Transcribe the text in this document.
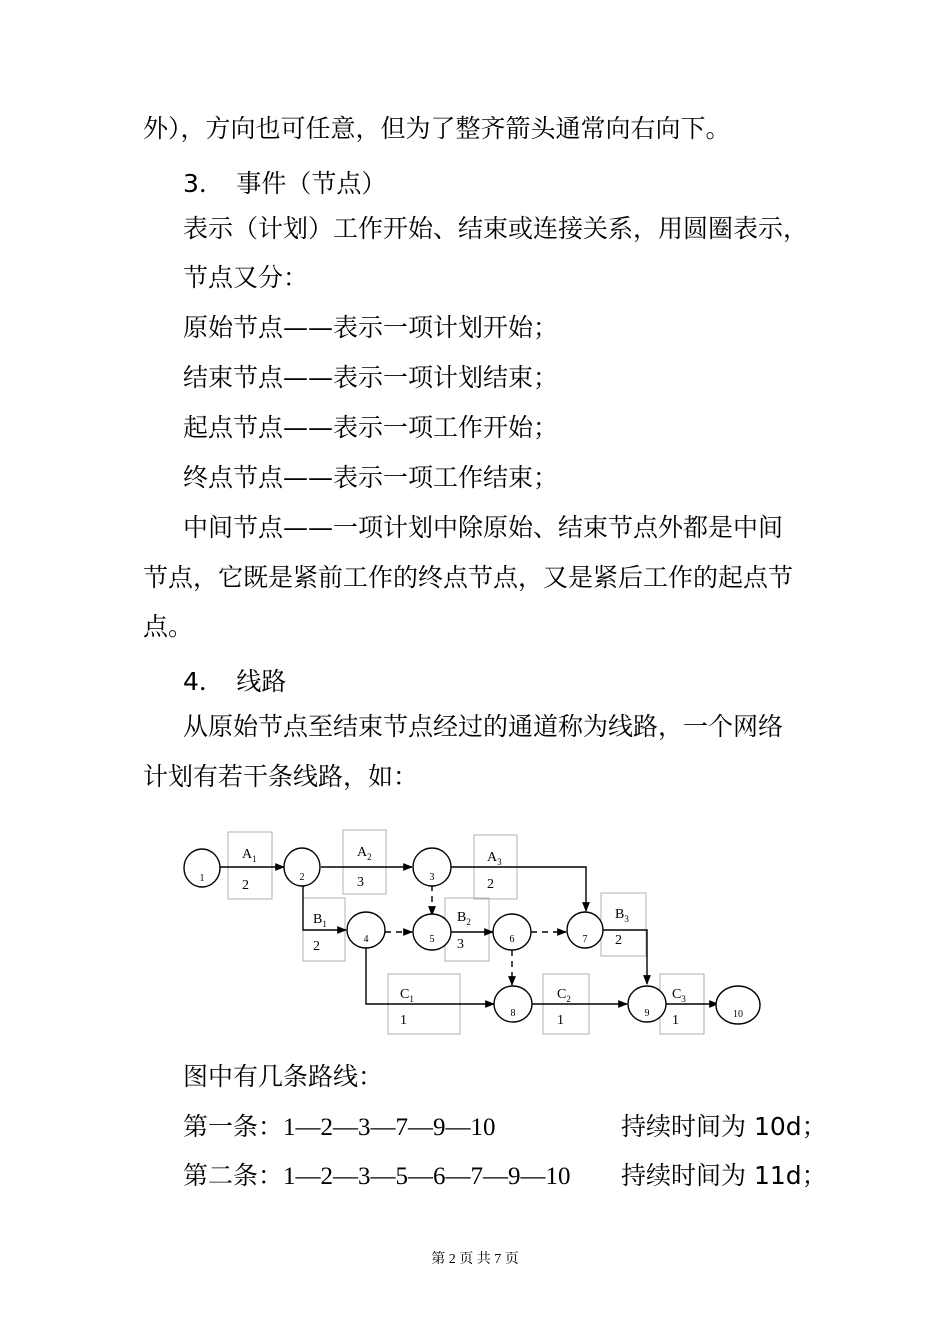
外），方向也可任意，但为了整齐箭头通常向右向下。
3．　事件（节点）
表示（计划）工作开始、结束或连接关系，用圆圈表示，
节点又分：
原始节点——表示一项计划开始；
结束节点——表示一项计划结束；
起点节点——表示一项工作开始；
终点节点——表示一项工作结束；
中间节点——一项计划中除原始、结束节点外都是中间
节点，它既是紧前工作的终点节点，又是紧后工作的起点节
点。
4．　线路
从原始节点至结束节点经过的通道称为线路，一个网络
计划有若干条线路，如：
1	2	3
4	5	6	7
8	9	10
$A_1$
2
$A_2$
3
$A_3$
2
$B_1$
2
$B_2$
3
$B_3$
2
$C_1$
1
$C_2$
1
$C_3$
1
图中有几条路线：
第一条：1—2—3—7—9—10	持续时间为 10d；
第二条：1—2—3—5—6—7—9—10 持续时间为 11d；
第 2 页 共 7 页
